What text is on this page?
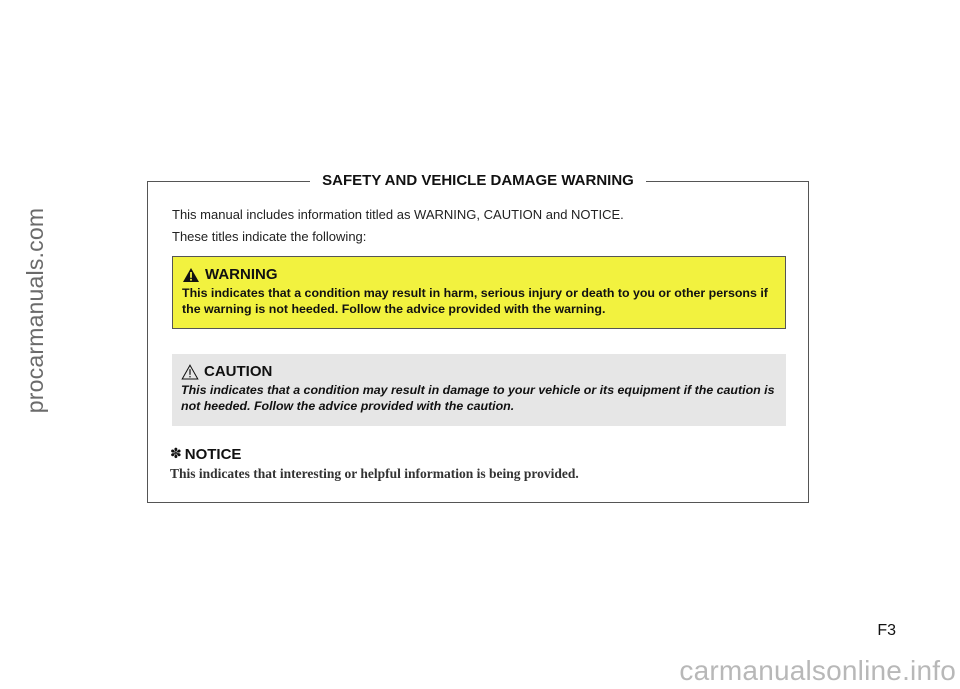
procarmanuals.com
SAFETY AND VEHICLE DAMAGE WARNING

This manual includes information titled as WARNING, CAUTION and NOTICE.

These titles indicate the following:

WARNING
This indicates that a condition may result in harm, serious injury or death to you or other persons if the warning is not heeded. Follow the advice provided with the warning.
CAUTION
This indicates that a condition may result in damage to your vehicle or its equipment if the caution is not heeded. Follow the advice provided with the caution.
✽ NOTICE
This indicates that interesting or helpful information is being provided.
F3
carmanualsonline.info
